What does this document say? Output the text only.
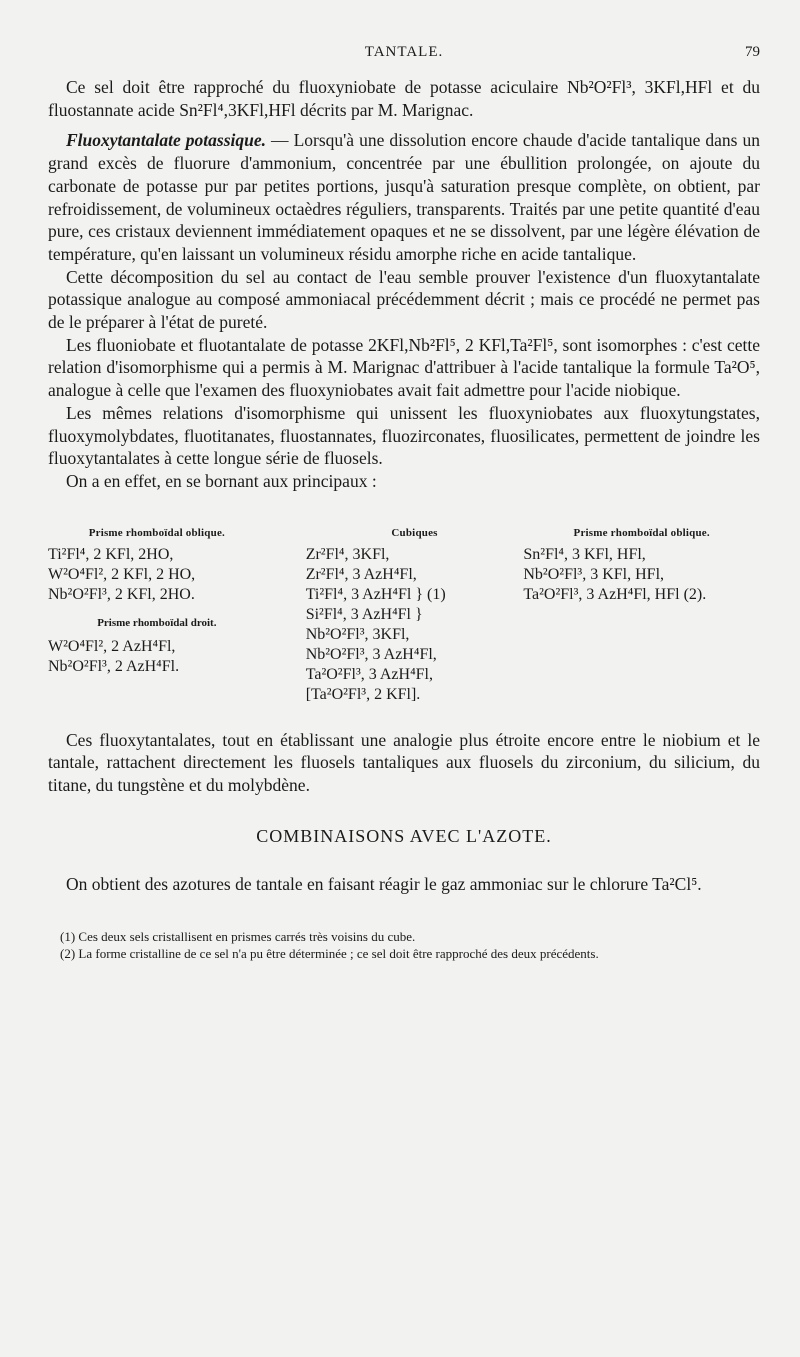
TANTALE.	79

Ce sel doit être rapproché du fluoxyniobate de potasse aciculaire Nb²O²Fl³, 3KFl,HFl et du fluostannate acide Sn²Fl⁴,3KFl,HFl décrits par M. Marignac.

Fluoxytantalate potassique. — Lorsqu'à une dissolution encore chaude d'acide tantalique dans un grand excès de fluorure d'ammonium, concentrée par une ébullition prolongée, on ajoute du carbonate de potasse pur par petites portions, jusqu'à saturation presque complète, on obtient, par refroidissement, de volumineux octaèdres réguliers, transparents. Traités par une petite quantité d'eau pure, ces cristaux deviennent immédiatement opaques et ne se dissolvent, par une légère élévation de température, qu'en laissant un volumineux résidu amorphe riche en acide tantalique.

Cette décomposition du sel au contact de l'eau semble prouver l'existence d'un fluoxytantalate potassique analogue au composé ammoniacal précédemment décrit ; mais ce procédé ne permet pas de le préparer à l'état de pureté.

Les fluoniobate et fluotantalate de potasse 2KFl,Nb²Fl⁵, 2 KFl,Ta²Fl⁵, sont isomorphes : c'est cette relation d'isomorphisme qui a permis à M. Marignac d'attribuer à l'acide tantalique la formule Ta²O⁵, analogue à celle que l'examen des fluoxyniobates avait fait admettre pour l'acide niobique.

Les mêmes relations d'isomorphisme qui unissent les fluoxyniobates aux fluoxytungstates, fluoxymolybdates, fluotitanates, fluostannates, fluozirconates, fluosilicates, permettent de joindre les fluoxytantalates à cette longue série de fluosels.

On a en effet, en se bornant aux principaux :

Prisme rhomboïdal oblique.
Ti²Fl⁴, 2 KFl, 2HO,
W²O⁴Fl², 2 KFl, 2 HO,
Nb²O²Fl³, 2 KFl, 2HO.
Prisme rhomboïdal droit.
W²O⁴Fl², 2 AzH⁴Fl,
Nb²O²Fl³, 2 AzH⁴Fl.
Cubiques
Zr²Fl⁴, 3KFl,
Zr²Fl⁴, 3 AzH⁴Fl,
Ti²Fl⁴, 3 AzH⁴Fl } (1)
Si²Fl⁴, 3 AzH⁴Fl }
Nb²O²Fl³, 3KFl,
Nb²O²Fl³, 3 AzH⁴Fl,
Ta²O²Fl³, 3 AzH⁴Fl,
[Ta²O²Fl³, 2 KFl].
Prisme rhomboïdal oblique.
Sn²Fl⁴, 3 KFl, HFl,
Nb²O²Fl³, 3 KFl, HFl,
Ta²O²Fl³, 3 AzH⁴Fl, HFl (2).

Ces fluoxytantalates, tout en établissant une analogie plus étroite encore entre le niobium et le tantale, rattachent directement les fluosels tantaliques aux fluosels du zirconium, du silicium, du titane, du tungstène et du molybdène.

COMBINAISONS AVEC L'AZOTE.

On obtient des azotures de tantale en faisant réagir le gaz ammoniac sur le chlorure Ta²Cl⁵.

(1) Ces deux sels cristallisent en prismes carrés très voisins du cube.
(2) La forme cristalline de ce sel n'a pu être déterminée ; ce sel doit être rapproché des deux précédents.
